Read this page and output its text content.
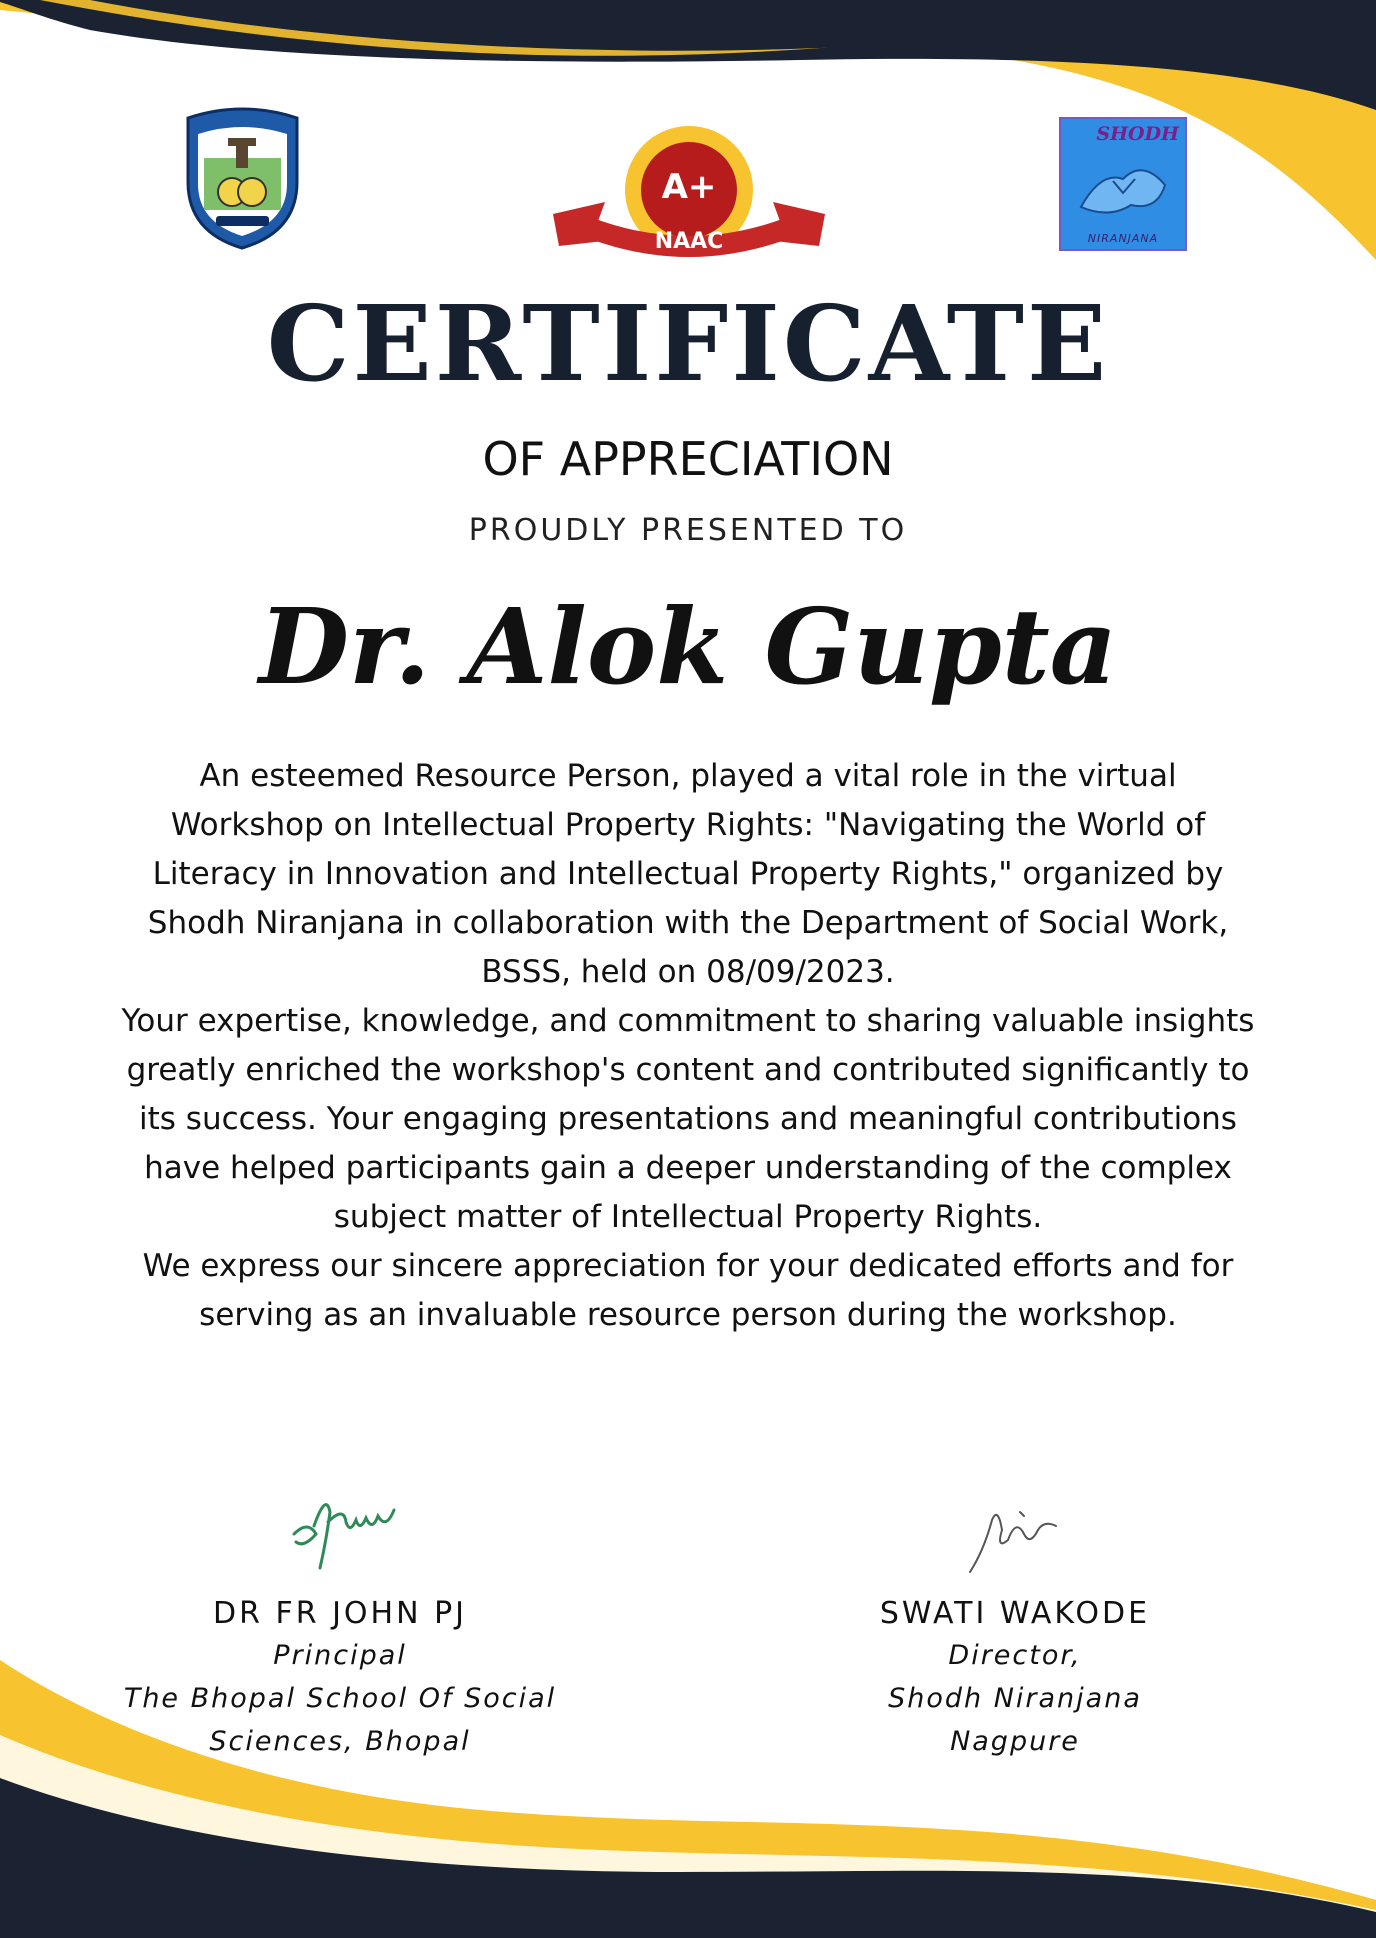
A+
NAAC
SHODH
NIRANJANA
CERTIFICATE
OF APPRECIATION
PROUDLY PRESENTED TO
Dr. Alok Gupta

An esteemed Resource Person, played a vital role in the virtual Workshop on Intellectual Property Rights: "Navigating the World of Literacy in Innovation and Intellectual Property Rights," organized by Shodh Niranjana in collaboration with the Department of Social Work, BSSS, held on 08/09/2023.

Your expertise, knowledge, and commitment to sharing valuable insights greatly enriched the workshop's content and contributed significantly to its success. Your engaging presentations and meaningful contributions have helped participants gain a deeper understanding of the complex subject matter of Intellectual Property Rights.

We express our sincere appreciation for your dedicated efforts and for serving as an invaluable resource person during the workshop.

DR FR JOHN PJ
Principal
The Bhopal School Of Social
Sciences, Bhopal
SWATI WAKODE
Director,
Shodh Niranjana
Nagpure
